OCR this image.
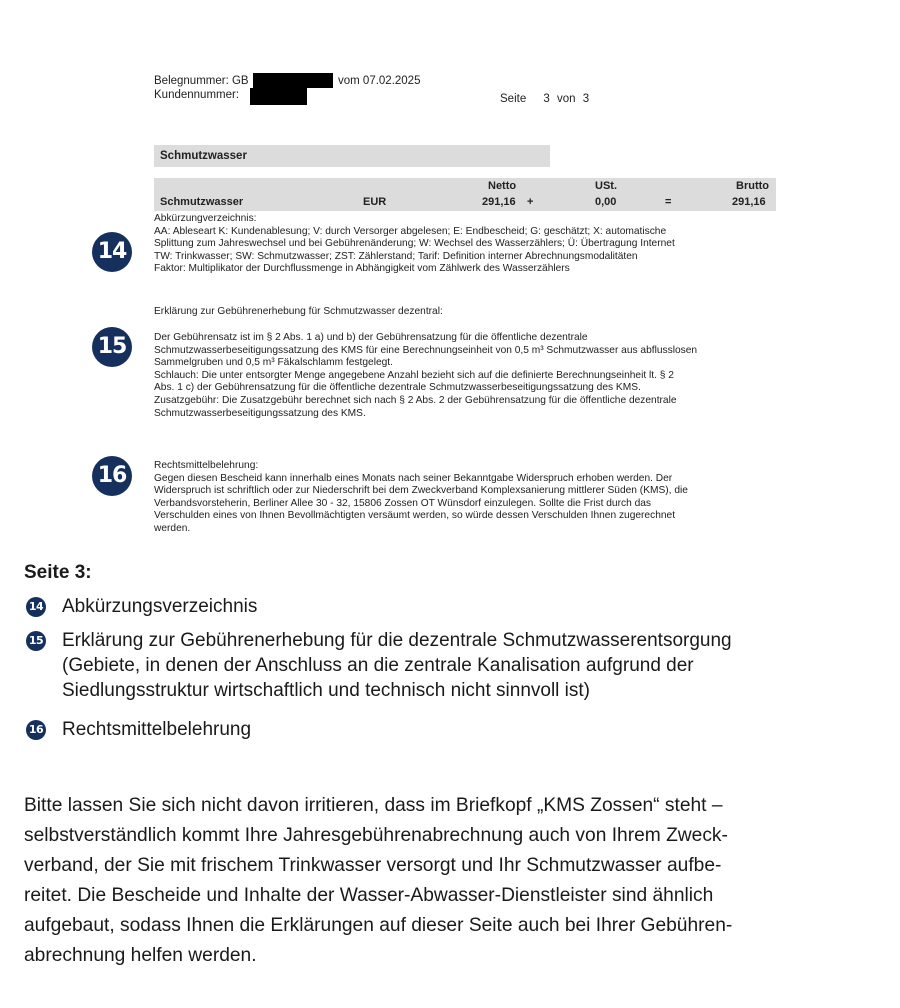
Belegnummer: GB	vom 07.02.2025
Kundennummer:	Seite 3 von 3
Schmutzwasser
Netto	USt.	Brutto
Schmutzwasser	EUR	291,16 +	0,00	=	291,16
Abkürzungverzeichnis:
AA: Ableseart K: Kundenablesung; V: durch Versorger abgelesen; E: Endbescheid; G: geschätzt; X: automatische
Splittung zum Jahreswechsel und bei Gebührenänderung; W: Wechsel des Wasserzählers; Ü: Übertragung Internet
TW: Trinkwasser; SW: Schmutzwasser; ZST: Zählerstand; Tarif: Definition interner Abrechnungsmodalitäten
Faktor: Multiplikator der Durchflussmenge in Abhängigkeit vom Zählwerk des Wasserzählers
Erklärung zur Gebührenerhebung für Schmutzwasser dezentral:
Der Gebührensatz ist im § 2 Abs. 1 a) und b) der Gebührensatzung für die öffentliche dezentrale
Schmutzwasserbeseitigungssatzung des KMS für eine Berechnungseinheit von 0,5 m³ Schmutzwasser aus abflusslosen
Sammelgruben und 0,5 m³ Fäkalschlamm festgelegt.
Schlauch: Die unter entsorgter Menge angegebene Anzahl bezieht sich auf die definierte Berechnungseinheit lt. § 2
Abs. 1 c) der Gebührensatzung für die öffentliche dezentrale Schmutzwasserbeseitigungssatzung des KMS.
Zusatzgebühr: Die Zusatzgebühr berechnet sich nach § 2 Abs. 2 der Gebührensatzung für die öffentliche dezentrale
Schmutzwasserbeseitigungssatzung des KMS.
Rechtsmittelbelehrung:
Gegen diesen Bescheid kann innerhalb eines Monats nach seiner Bekanntgabe Widerspruch erhoben werden. Der
Widerspruch ist schriftlich oder zur Niederschrift bei dem Zweckverband Komplexsanierung mittlerer Süden (KMS), die
Verbandsvorsteherin, Berliner Allee 30 - 32, 15806 Zossen OT Wünsdorf einzulegen. Sollte die Frist durch das
Verschulden eines von Ihnen Bevollmächtigten versäumt werden, so würde dessen Verschulden Ihnen zugerechnet
werden.
14
15
16
Seite 3:
14 Abkürzungsverzeichnis
15 Erklärung zur Gebührenerhebung für die dezentrale Schmutzwasserentsorgung
(Gebiete, in denen der Anschluss an die zentrale Kanalisation aufgrund der
Siedlungsstruktur wirtschaftlich und technisch nicht sinnvoll ist)
16 Rechtsmittelbelehrung
Bitte lassen Sie sich nicht davon irritieren, dass im Briefkopf „KMS Zossen“ steht –
selbstverständlich kommt Ihre Jahresgebührenabrechnung auch von Ihrem Zweck-
verband, der Sie mit frischem Trinkwasser versorgt und Ihr Schmutzwasser aufbe-
reitet. Die Bescheide und Inhalte der Wasser-Abwasser-Dienstleister sind ähnlich
aufgebaut, sodass Ihnen die Erklärungen auf dieser Seite auch bei Ihrer Gebühren-
abrechnung helfen werden.
